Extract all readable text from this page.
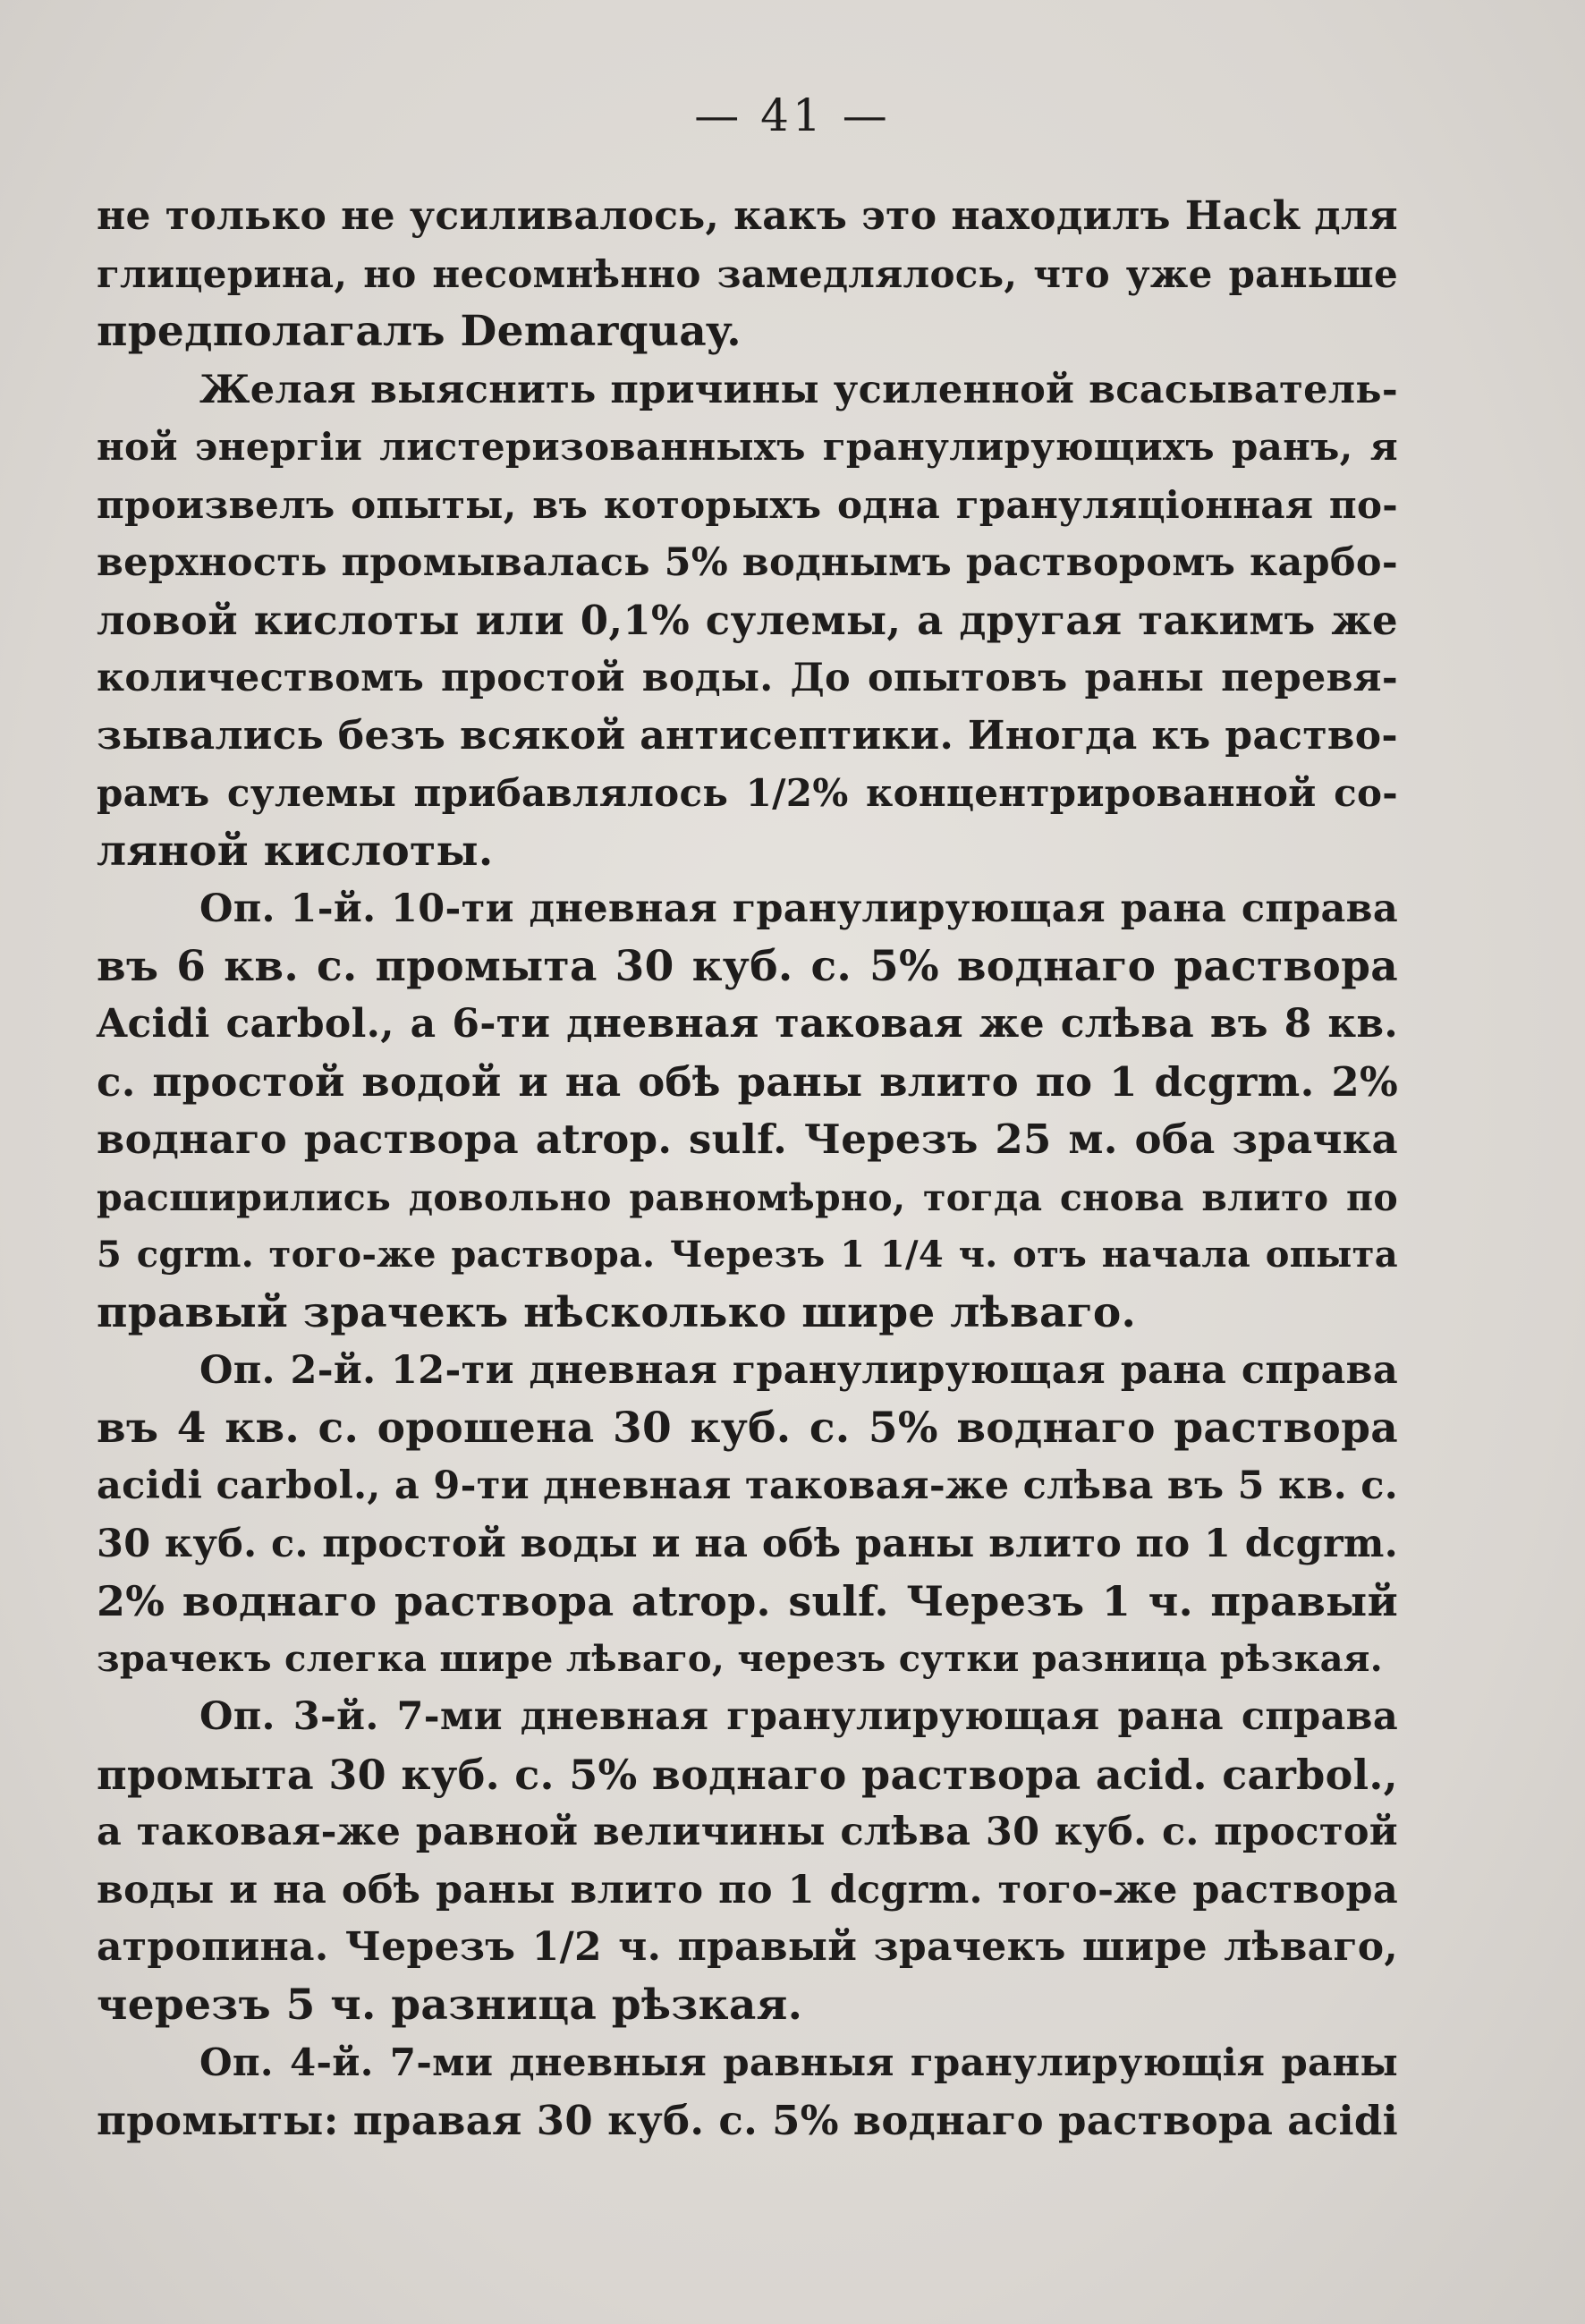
— 41 —
не только не усиливалось, какъ это находилъ Hack для
глицерина, но несомнѣнно замедлялось, что уже раньше
предполагалъ Demarquay.
Желая выяснить причины усиленной всасыватель-
ной энергіи листеризованныхъ гранулирующихъ ранъ, я
произвелъ опыты, въ которыхъ одна грануляціонная по-
верхность промывалась 5% воднымъ растворомъ карбо-
ловой кислоты или 0,1% сулемы, а другая такимъ же
количествомъ простой воды. До опытовъ раны перевя-
зывались безъ всякой антисептики. Иногда къ раство-
рамъ сулемы прибавлялось 1/2% концентрированной со-
ляной кислоты.
Оп. 1-й. 10-ти дневная гранулирующая рана справа
въ 6 кв. с. промыта 30 куб. с. 5% воднаго раствора
Acidi carbol., а 6-ти дневная таковая же слѣва въ 8 кв.
с. простой водой и на обѣ раны влито по 1 dcgrm. 2%
воднаго раствора atrop. sulf. Черезъ 25 м. оба зрачка
расширились довольно равномѣрно, тогда снова влито по
5 cgrm. того-же раствора. Черезъ 1 1/4 ч. отъ начала опыта
правый зрачекъ нѣсколько шире лѣваго.
Оп. 2-й. 12-ти дневная гранулирующая рана справа
въ 4 кв. с. орошена 30 куб. с. 5% воднаго раствора
acidi carbol., а 9-ти дневная таковая-же слѣва въ 5 кв. с.
30 куб. с. простой воды и на обѣ раны влито по 1 dcgrm.
2% воднаго раствора atrop. sulf. Черезъ 1 ч. правый
зрачекъ слегка шире лѣваго, черезъ сутки разница рѣзкая.
Оп. 3-й. 7-ми дневная гранулирующая рана справа
промыта 30 куб. с. 5% воднаго раствора acid. carbol.,
а таковая-же равной величины слѣва 30 куб. с. простой
воды и на обѣ раны влито по 1 dcgrm. того-же раствора
атропина. Черезъ 1/2 ч. правый зрачекъ шире лѣваго,
черезъ 5 ч. разница рѣзкая.
Оп. 4-й. 7-ми дневныя равныя гранулирующія раны
промыты: правая 30 куб. с. 5% воднаго раствора acidi
